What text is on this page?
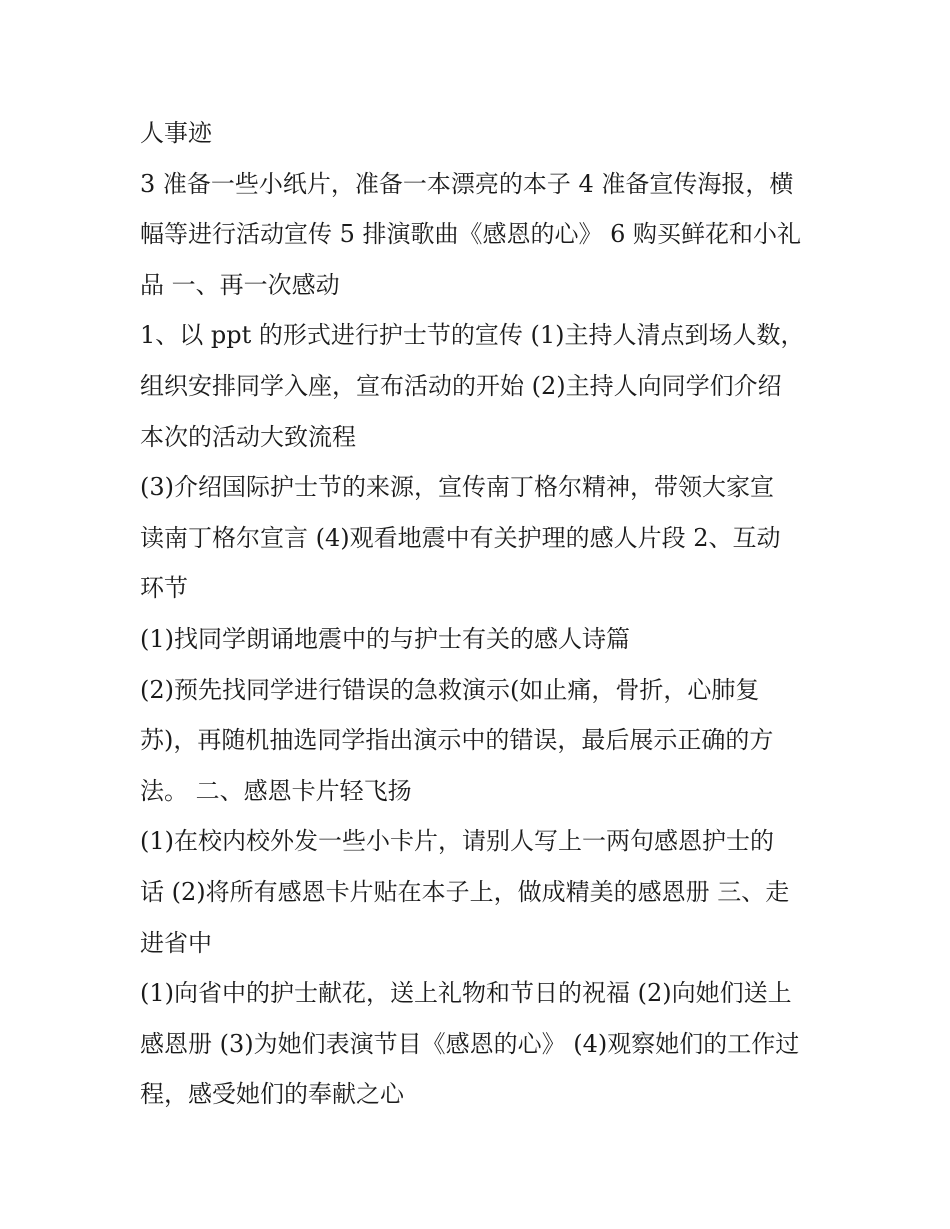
人事迹

3 准备一些小纸片，准备一本漂亮的本子 4 准备宣传海报，横

幅等进行活动宣传 5 排演歌曲《感恩的心》 6 购买鲜花和小礼

品 一、再一次感动

1、以 ppt 的形式进行护士节的宣传 (1)主持人清点到场人数，

组织安排同学入座，宣布活动的开始 (2)主持人向同学们介绍

本次的活动大致流程

(3)介绍国际护士节的来源，宣传南丁格尔精神，带领大家宣

读南丁格尔宣言 (4)观看地震中有关护理的感人片段 2、互动

环节

(1)找同学朗诵地震中的与护士有关的感人诗篇

(2)预先找同学进行错误的急救演示(如止痛，骨折，心肺复

苏)，再随机抽选同学指出演示中的错误，最后展示正确的方

法。 二、感恩卡片轻飞扬

(1)在校内校外发一些小卡片，请别人写上一两句感恩护士的

话 (2)将所有感恩卡片贴在本子上，做成精美的感恩册 三、走

进省中

(1)向省中的护士献花，送上礼物和节日的祝福 (2)向她们送上

感恩册 (3)为她们表演节目《感恩的心》 (4)观察她们的工作过

程，感受她们的奉献之心
